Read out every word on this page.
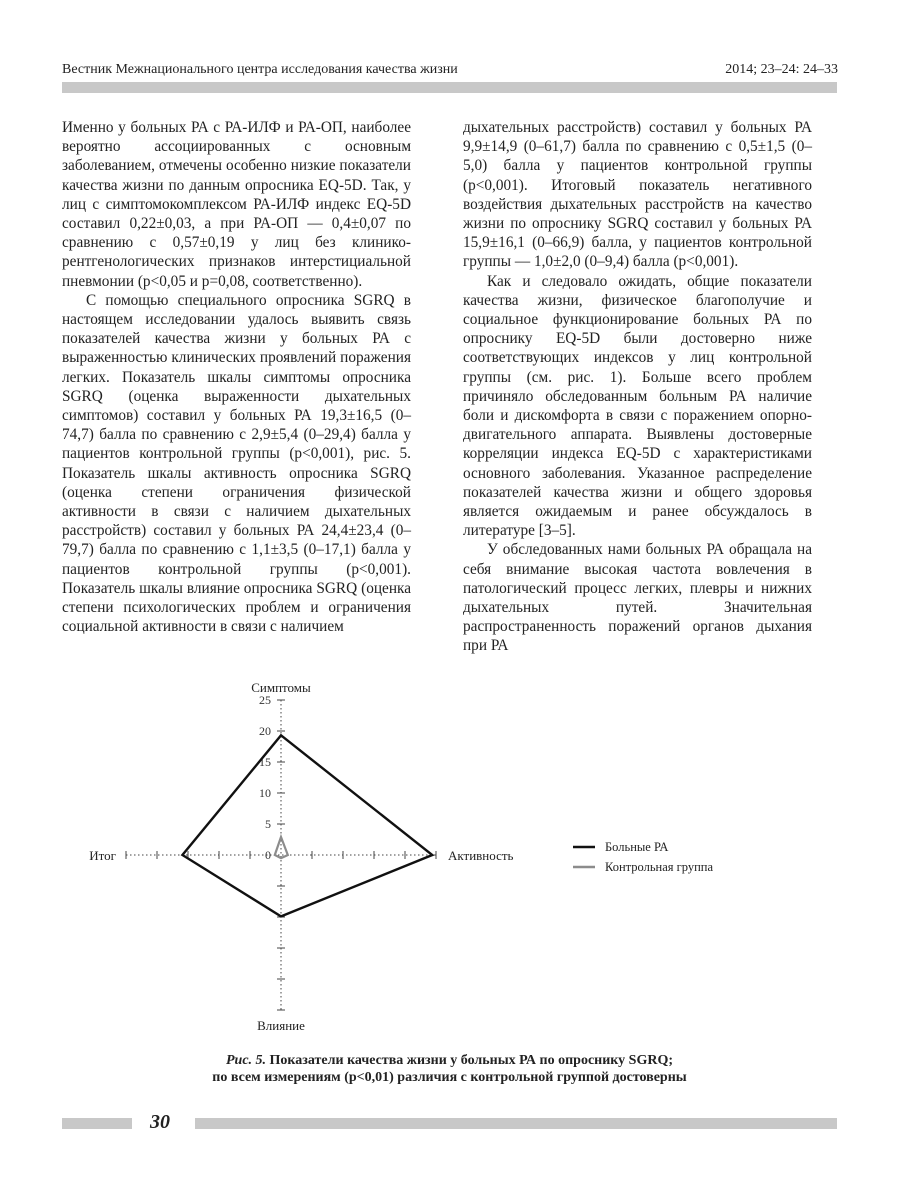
Вестник Межнационального центра исследования качества жизни	2014; 23–24: 24–33

Именно у больных РА с РА-ИЛФ и РА-ОП, наиболее вероятно ассоциированных с основным заболеванием, отмечены особенно низкие показатели качества жизни по данным опросника EQ-5D. Так, у лиц с симптомокомплексом РА-ИЛФ индекс EQ-5D составил 0,22±0,03, а при РА-ОП — 0,4±0,07 по сравнению с 0,57±0,19 у лиц без клинико-рентгенологических признаков интерстициальной пневмонии (p<0,05 и p=0,08, соответственно).

С помощью специального опросника SGRQ в настоящем исследовании удалось выявить связь показателей качества жизни у больных РА с выраженностью клинических проявлений поражения легких. Показатель шкалы симптомы опросника SGRQ (оценка выраженности дыхательных симптомов) составил у больных РА 19,3±16,5 (0–74,7) балла по сравнению с 2,9±5,4 (0–29,4) балла у пациентов контрольной группы (p<0,001), рис. 5. Показатель шкалы активность опросника SGRQ (оценка степени ограничения физической активности в связи с наличием дыхательных расстройств) составил у больных РА 24,4±23,4 (0–79,7) балла по сравнению с 1,1±3,5 (0–17,1) балла у пациентов контрольной группы (p<0,001). Показатель шкалы влияние опросника SGRQ (оценка степени психологических проблем и ограничения социальной активности в связи с наличием

дыхательных расстройств) составил у больных РА 9,9±14,9 (0–61,7) балла по сравнению с 0,5±1,5 (0–5,0) балла у пациентов контрольной группы (p<0,001). Итоговый показатель негативного воздействия дыхательных расстройств на качество жизни по опроснику SGRQ составил у больных РА 15,9±16,1 (0–66,9) балла, у пациентов контрольной группы — 1,0±2,0 (0–9,4) балла (p<0,001).

Как и следовало ожидать, общие показатели качества жизни, физическое благополучие и социальное функционирование больных РА по опроснику EQ-5D были достоверно ниже соответствующих индексов у лиц контрольной группы (см. рис. 1). Больше всего проблем причиняло обследованным больным РА наличие боли и дискомфорта в связи с поражением опорно-двигательного аппарата. Выявлены достоверные корреляции индекса EQ-5D с характеристиками основного заболевания. Указанное распределение показателей качества жизни и общего здоровья является ожидаемым и ранее обсуждалось в литературе [3–5].

У обследованных нами больных РА обращала на себя внимание высокая частота вовлечения в патологический процесс легких, плевры и нижних дыхательных путей. Значительная распространенность поражений органов дыхания при РА

0
5
10
15
20
25
Симптомы
Активность
Влияние
Итог
Больные РА
Контрольная группа
Рис. 5. Показатели качества жизни у больных РА по опроснику SGRQ;
по всем измерениям (p<0,01) различия с контрольной группой достоверны
30
